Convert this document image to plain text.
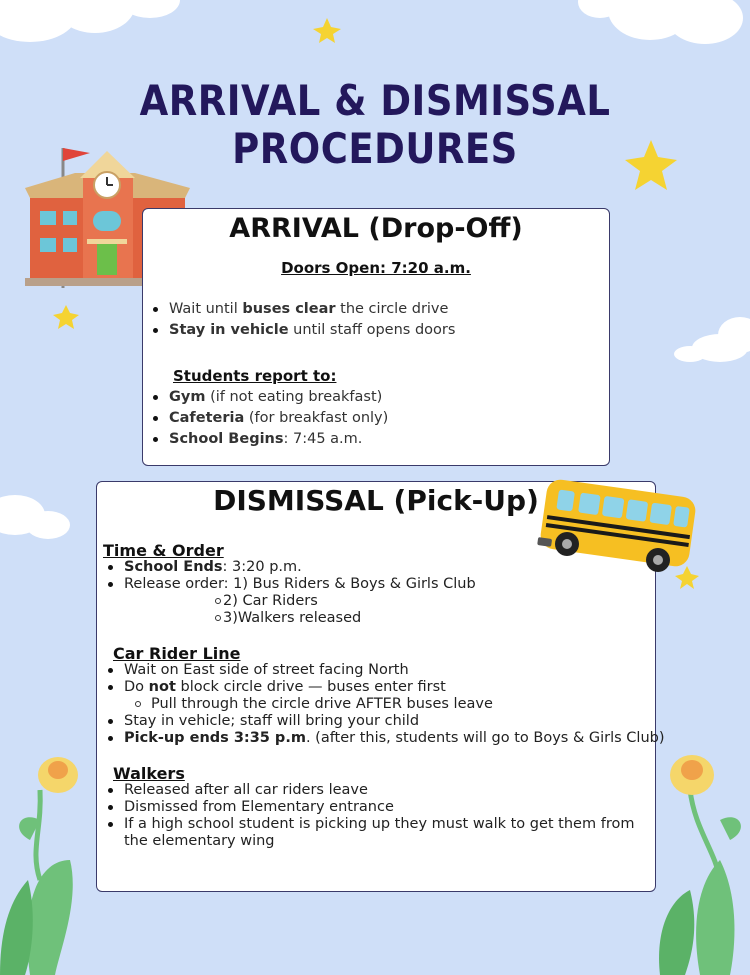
ARRIVAL & DISMISSAL PROCEDURES
ARRIVAL (Drop-Off)
Doors Open: 7:20 a.m.
Wait until buses clear the circle drive
Stay in vehicle until staff opens doors
Students report to:
Gym (if not eating breakfast)
Cafeteria (for breakfast only)
School Begins: 7:45 a.m.
DISMISSAL (Pick-Up)
Time & Order
School Ends: 3:20 p.m.
Release order: 1) Bus Riders & Boys & Girls Club
2) Car Riders
3)Walkers released
Car Rider Line
Wait on East side of street facing North
Do not block circle drive — buses enter first
Pull through the circle drive AFTER buses leave
Stay in vehicle; staff will bring your child
Pick-up ends 3:35 p.m. (after this, students will go to Boys & Girls Club)
Walkers
Released after all car riders leave
Dismissed from Elementary entrance
If a high school student is picking up they must walk to get them from the elementary wing
